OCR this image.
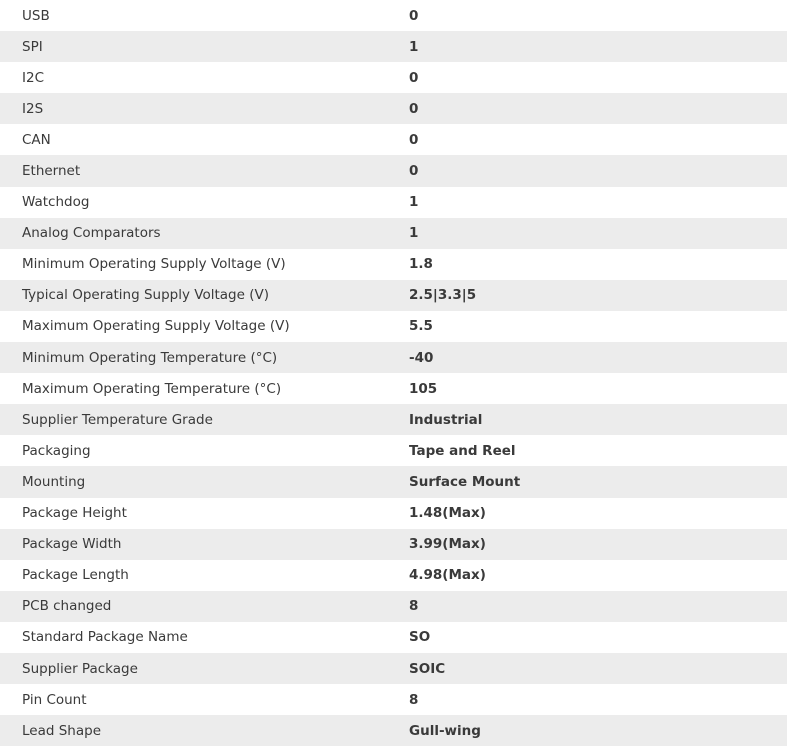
USB	0
SPI	1
I2C	0
I2S	0
CAN	0
Ethernet	0
Watchdog	1
Analog Comparators	1
Minimum Operating Supply Voltage (V)	1.8
Typical Operating Supply Voltage (V)	2.5|3.3|5
Maximum Operating Supply Voltage (V)	5.5
Minimum Operating Temperature (°C)	-40
Maximum Operating Temperature (°C)	105
Supplier Temperature Grade	Industrial
Packaging	Tape and Reel
Mounting	Surface Mount
Package Height	1.48(Max)
Package Width	3.99(Max)
Package Length	4.98(Max)
PCB changed	8
Standard Package Name	SO
Supplier Package	SOIC
Pin Count	8
Lead Shape	Gull-wing
